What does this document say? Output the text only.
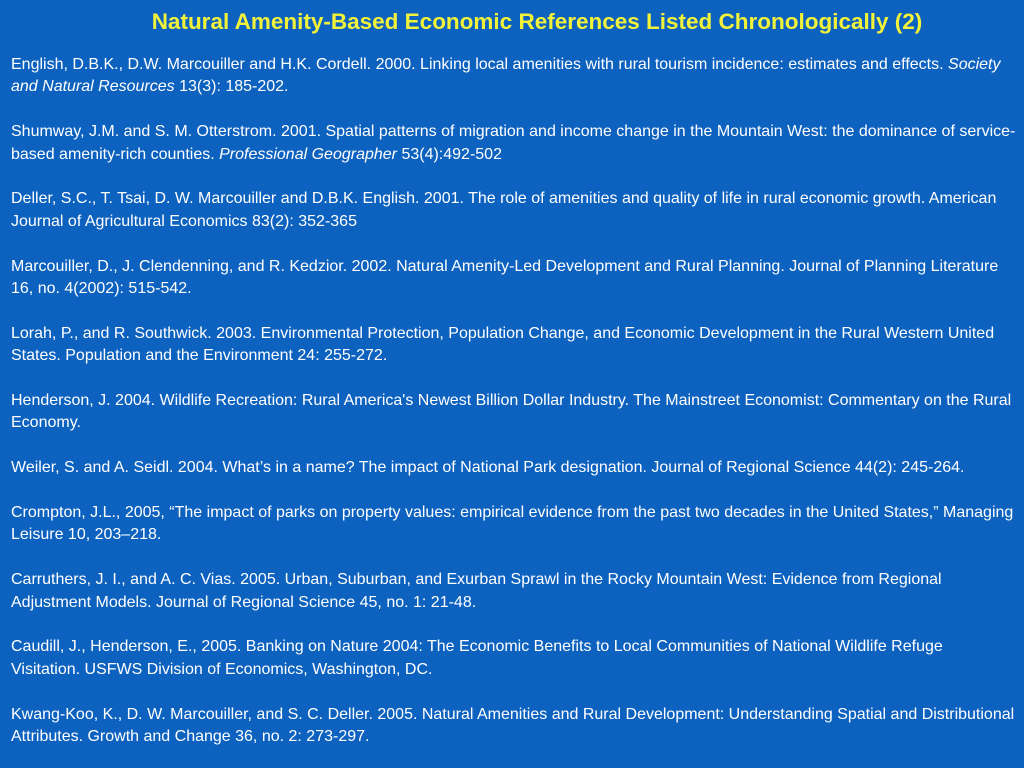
Natural Amenity-Based Economic References Listed Chronologically (2)

English, D.B.K., D.W. Marcouiller and H.K. Cordell. 2000. Linking local amenities with rural tourism incidence: estimates and effects. Society and Natural Resources 13(3): 185-202.

Shumway, J.M. and S. M. Otterstrom. 2001. Spatial patterns of migration and income change in the Mountain West: the dominance of service-based amenity-rich counties. Professional Geographer 53(4):492-502

Deller, S.C., T. Tsai, D. W. Marcouiller and D.B.K. English. 2001. The role of amenities and quality of life in rural economic growth. American Journal of Agricultural Economics 83(2): 352-365

Marcouiller, D., J. Clendenning, and R. Kedzior. 2002. Natural Amenity-Led Development and Rural Planning. Journal of Planning Literature 16, no. 4(2002): 515-542.

Lorah, P., and R. Southwick. 2003. Environmental Protection, Population Change, and Economic Development in the Rural Western United States. Population and the Environment 24: 255-272.

Henderson, J. 2004. Wildlife Recreation: Rural America's Newest Billion Dollar Industry. The Mainstreet Economist: Commentary on the Rural Economy.

Weiler, S. and A. Seidl. 2004. What’s in a name? The impact of National Park designation. Journal of Regional Science 44(2): 245-264.

Crompton, J.L., 2005, “The impact of parks on property values: empirical evidence from the past two decades in the United States,” Managing Leisure 10, 203–218.

Carruthers, J. I., and A. C. Vias. 2005. Urban, Suburban, and Exurban Sprawl in the Rocky Mountain West: Evidence from Regional Adjustment Models. Journal of Regional Science 45, no. 1: 21-48.

Caudill, J., Henderson, E., 2005. Banking on Nature 2004: The Economic Benefits to Local Communities of National Wildlife Refuge Visitation. USFWS Division of Economics, Washington, DC.

Kwang-Koo, K., D. W. Marcouiller, and S. C. Deller. 2005. Natural Amenities and Rural Development: Understanding Spatial and Distributional Attributes. Growth and Change 36, no. 2: 273-297.
